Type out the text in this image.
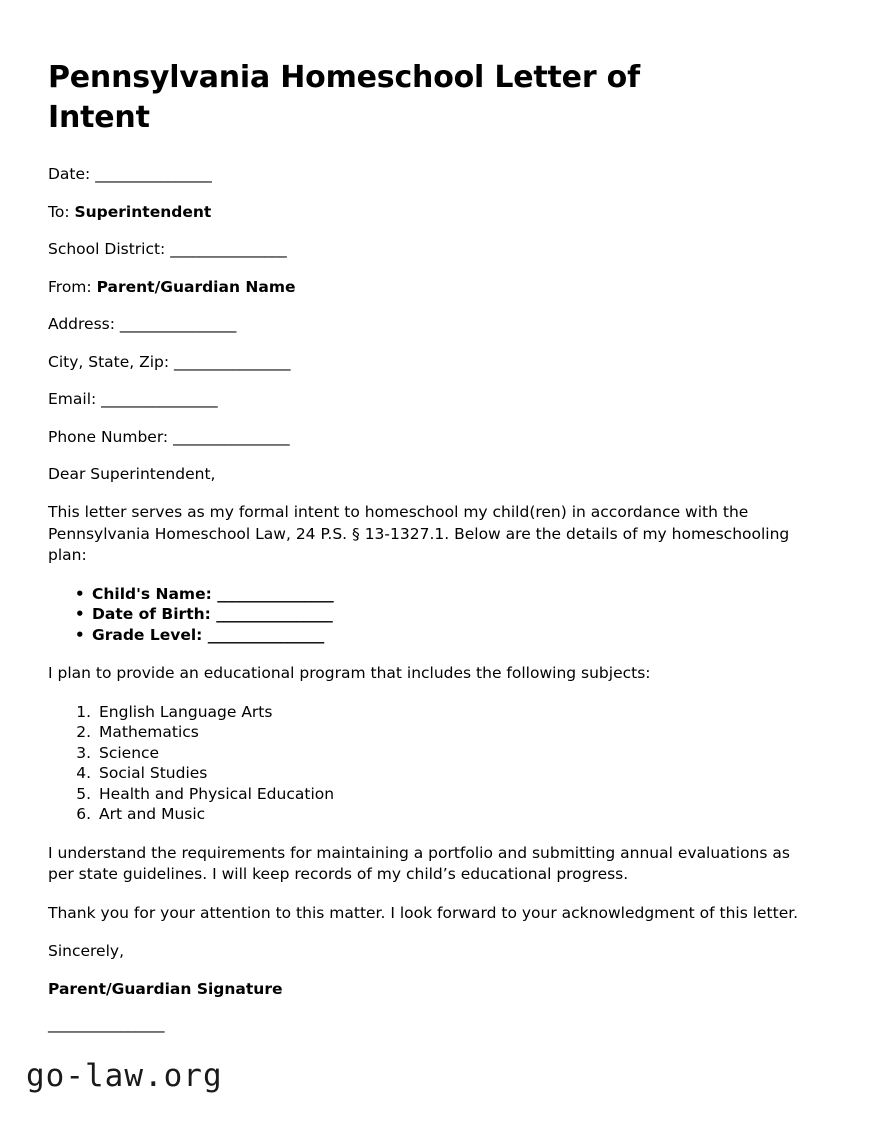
Pennsylvania Homeschool Letter of Intent
Date: ________________
To: Superintendent
School District: ________________
From: Parent/Guardian Name
Address: ________________
City, State, Zip: ________________
Email: ________________
Phone Number: ________________

Dear Superintendent,

This letter serves as my formal intent to homeschool my child(ren) in accordance with the Pennsylvania Homeschool Law, 24 P.S. § 13-1327.1. Below are the details of my homeschooling plan:

• Child's Name: ________________
• Date of Birth: ________________
• Grade Level: ________________

I plan to provide an educational program that includes the following subjects:

1. English Language Arts
2. Mathematics
3. Science
4. Social Studies
5. Health and Physical Education
6. Art and Music

I understand the requirements for maintaining a portfolio and submitting annual evaluations as per state guidelines. I will keep records of my child’s educational progress.

Thank you for your attention to this matter. I look forward to your acknowledgment of this letter.

Sincerely,

Parent/Guardian Signature

________________

go-law.org
